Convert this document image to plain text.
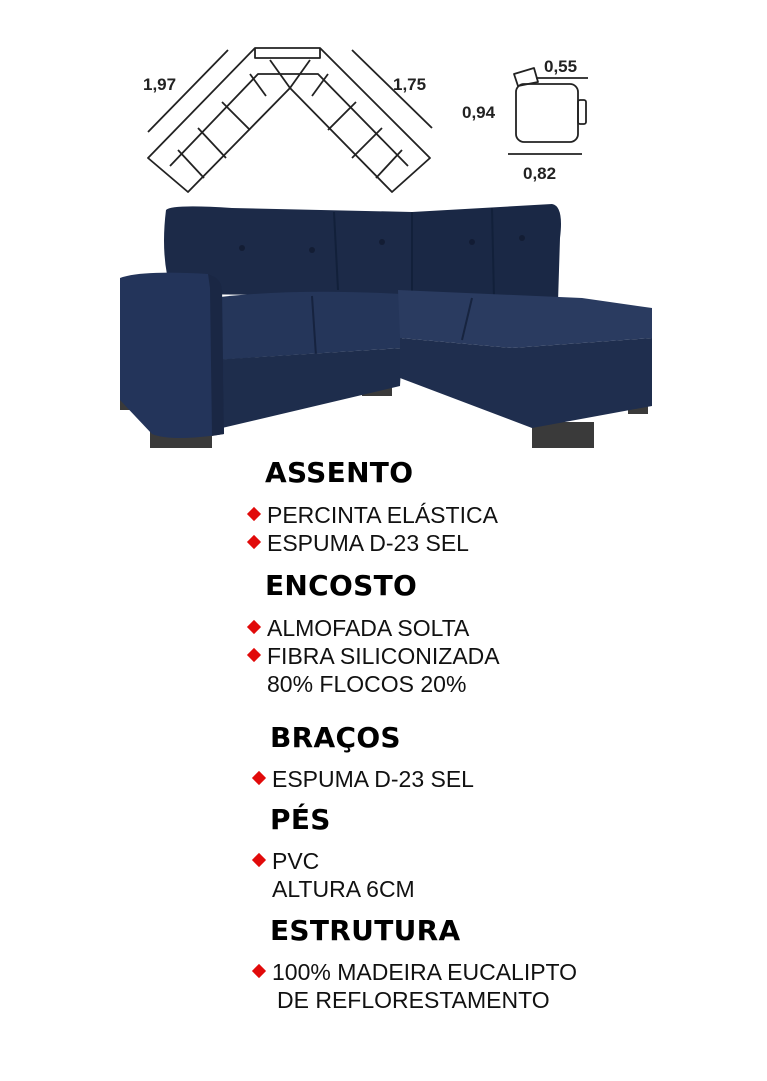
1,97	1,75
0,55
0,94
0,82
ASSENTO
PERCINTA ELÁSTICA
ESPUMA D-23 SEL
ENCOSTO
ALMOFADA SOLTA
FIBRA SILICONIZADA
80% FLOCOS 20%
BRAÇOS
ESPUMA D-23 SEL
PÉS
PVC
ALTURA 6CM
ESTRUTURA
100% MADEIRA EUCALIPTO
DE REFLORESTAMENTO
